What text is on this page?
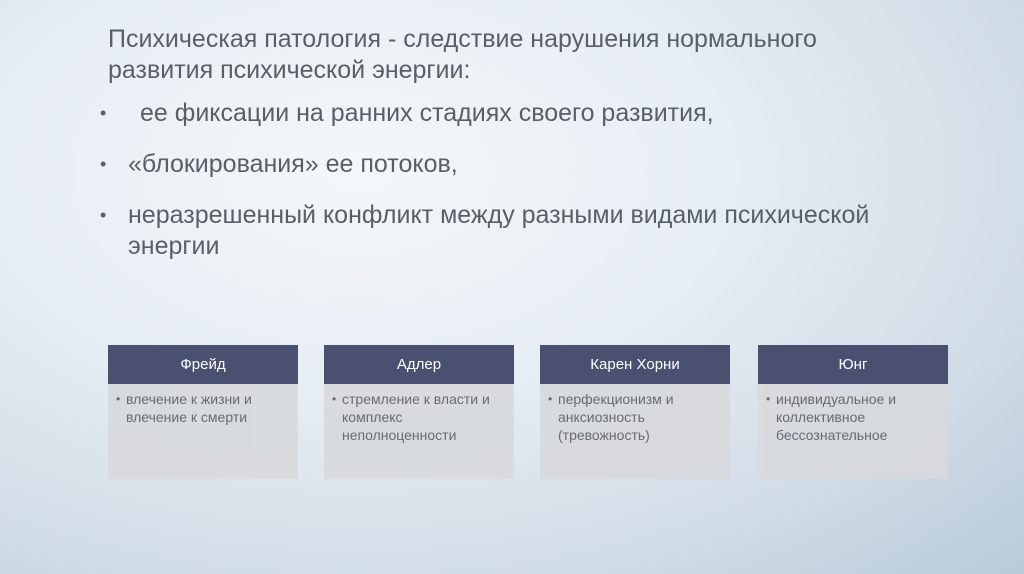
Психическая патология - следствие нарушения нормального развития психической энергии:
• ее фиксации на ранних стадиях своего развития,
• «блокирования» ее потоков,
• неразрешенный конфликт между разными видами психической энергии
Фрейд
• влечение к жизни и влечение к смерти
Адлер
• стремление к власти и комплекс неполноценности
Карен Хорни
• перфекционизм и анксиозность (тревожность)
Юнг
• индивидуальное и коллективное бессознательное
